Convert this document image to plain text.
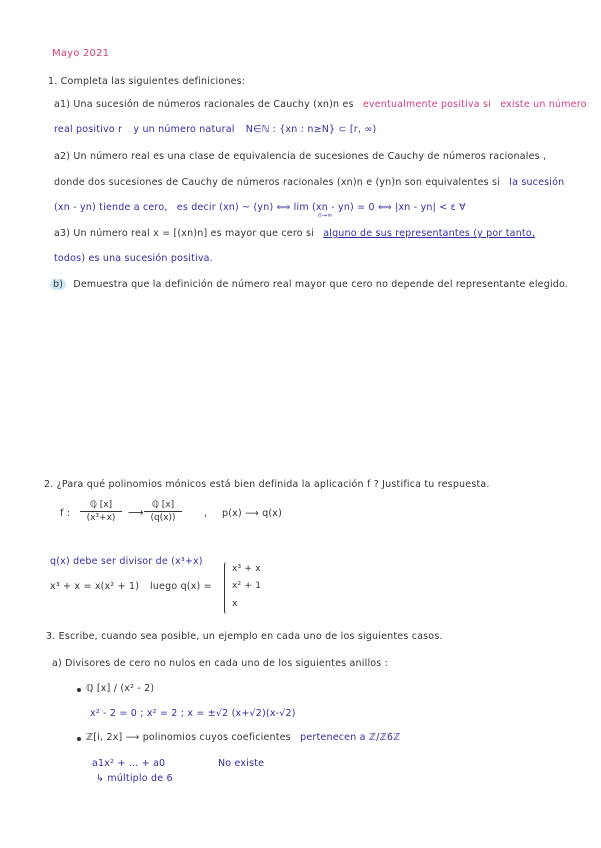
Mayo 2021
1. Completa las siguientes definiciones:
a1) Una sucesión de números racionales de Cauchy (xn)n es eventualmente positiva si existe un número
real positivo r y un número natural N∈ℕ : {xn : n≥N} ⊂ [r, ∞)
a2) Un número real es una clase de equivalencia de sucesiones de Cauchy de números racionales ,
donde dos sucesiones de Cauchy de números racionales (xn)n e (yn)n son equivalentes si la sucesión
(xn - yn) tiende a cero, es decir (xn) ~ (yn) ⟺ lim (xn - yn) = 0 ⟺ |xn - yn| < ε ∀
n→∞
a3) Un número real x = [(xn)n] es mayor que cero si alguno de sus representantes (y por tanto,
todos) es una sucesión positiva.
b) Demuestra que la definición de número real mayor que cero no depende del representante elegido.
2. ¿Para qué polinomios mónicos está bien definida la aplicación f ? Justifica tu respuesta.
f :
ℚ [x]
(x³+x)	⟶
ℚ [x]
(q(x))	, p(x) ⟶ q(x)
q(x) debe ser divisor de (x³+x)
x³ + x = x(x² + 1) luego q(x) =
x³ + x
x² + 1
x
3. Escribe, cuando sea posible, un ejemplo en cada uno de los siguientes casos.
a) Divisores de cero no nulos en cada uno de los siguientes anillos :
ℚ [x] / (x² - 2)
x² - 2 = 0 ; x² = 2 ; x = ±√2 (x+√2)(x-√2)
ℤ[i, 2x] ⟶ polinomios cuyos coeficientes pertenecen a ℤ/ℤ6ℤ
a1x² + ... + a0	No existe
↳ múltiplo de 6
